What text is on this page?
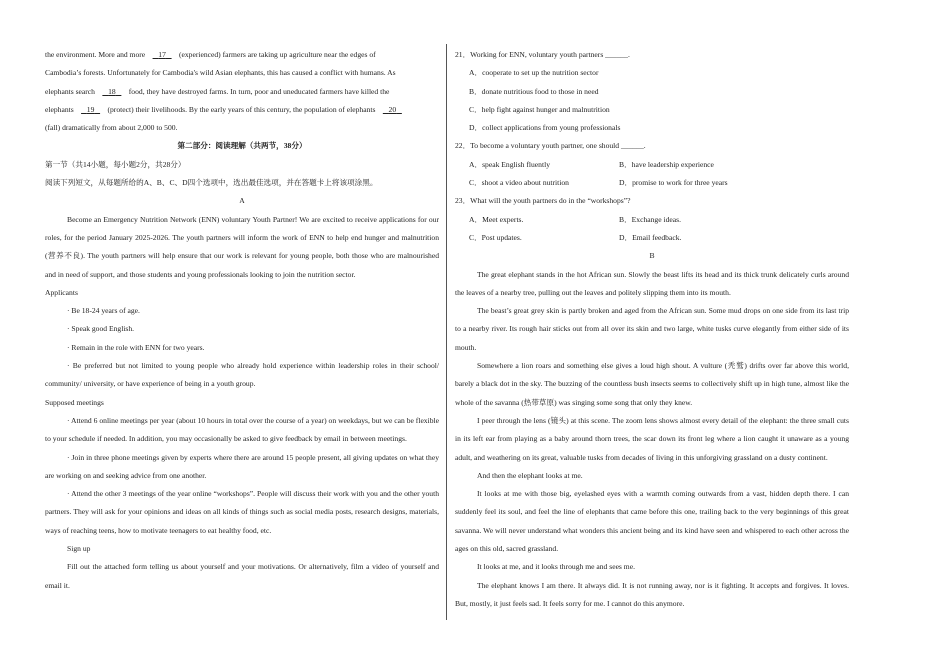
the environment. More and more 17 (experienced) farmers are taking up agriculture near the edges of

Cambodia’s forests. Unfortunately for Cambodia's wild Asian elephants, this has caused a conflict with humans. As

elephants search 18 food, they have destroyed farms. In turn, poor and uneducated farmers have killed the

elephants 19 (protect) their livelihoods. By the early years of this century, the population of elephants 20

(fall) dramatically from about 2,000 to 500.

第二部分：阅读理解（共两节，38分）

第一节（共14小题，每小题2分，共28分）

阅读下列短文，从每题所给的A、B、C、D四个选项中，选出最佳选项，并在答题卡上将该项涂黑。

A

Become an Emergency Nutrition Network (ENN) voluntary Youth Partner! We are excited to receive applications for our roles, for the period January 2025-2026. The youth partners will inform the work of ENN to help end hunger and malnutrition (营养不良). The youth partners will help ensure that our work is relevant for young people, both those who are malnourished and in need of support, and those students and young professionals looking to join the nutrition sector.

Applicants

· Be 18-24 years of age.

· Speak good English.

· Remain in the role with ENN for two years.

· Be preferred but not limited to young people who already hold experience within leadership roles in their school/ community/ university, or have experience of being in a youth group.

Supposed meetings

· Attend 6 online meetings per year (about 10 hours in total over the course of a year) on weekdays, but we can be flexible to your schedule if needed. In addition, you may occasionally be asked to give feedback by email in between meetings.

· Join in three phone meetings given by experts where there are around 15 people present, all giving updates on what they are working on and seeking advice from one another.

· Attend the other 3 meetings of the year online “workshops”. People will discuss their work with you and the other youth partners. They will ask for your opinions and ideas on all kinds of things such as social media posts, research designs, materials, ways of reaching teens, how to motivate teenagers to eat healthy food, etc.

Sign up

Fill out the attached form telling us about yourself and your motivations. Or alternatively, film a video of yourself and email it.

21．Working for ENN, voluntary youth partners ______.

A．cooperate to set up the nutrition sector

B．donate nutritious food to those in need

C．help fight against hunger and malnutrition

D．collect applications from young professionals

22．To become a voluntary youth partner, one should ______.

A．speak English fluently	B．have leadership experience
C．shoot a video about nutrition	D．promise to work for three years

23．What will the youth partners do in the “workshops”?

A．Meet experts.	B．Exchange ideas.
C．Post updates.	D．Email feedback.

B

The great elephant stands in the hot African sun. Slowly the beast lifts its head and its thick trunk delicately curls around the leaves of a nearby tree, pulling out the leaves and politely slipping them into its mouth.

The beast’s great grey skin is partly broken and aged from the African sun. Some mud drops on one side from its last trip to a nearby river. Its rough hair sticks out from all over its skin and two large, white tusks curve elegantly from either side of its mouth.

Somewhere a lion roars and something else gives a loud high shout. A vulture (秃鹫) drifts over far above this world, barely a black dot in the sky. The buzzing of the countless bush insects seems to collectively shift up in high tune, almost like the whole of the savanna (热带草原) was singing some song that only they knew.

I peer through the lens (镜头) at this scene. The zoom lens shows almost every detail of the elephant: the three small cuts in its left ear from playing as a baby around thorn trees, the scar down its front leg where a lion caught it unaware as a young adult, and weathering on its great, valuable tusks from decades of living in this unforgiving grassland on a dusty continent.

And then the elephant looks at me.

It looks at me with those big, eyelashed eyes with a warmth coming outwards from a vast, hidden depth there. I can suddenly feel its soul, and feel the line of elephants that came before this one, trailing back to the very beginnings of this great savanna. We will never understand what wonders this ancient being and its kind have seen and whispered to each other across the ages on this old, sacred grassland.

It looks at me, and it looks through me and sees me.

The elephant knows I am there. It always did. It is not running away, nor is it fighting. It accepts and forgives. It loves. But, mostly, it just feels sad. It feels sorry for me. I cannot do this anymore.
